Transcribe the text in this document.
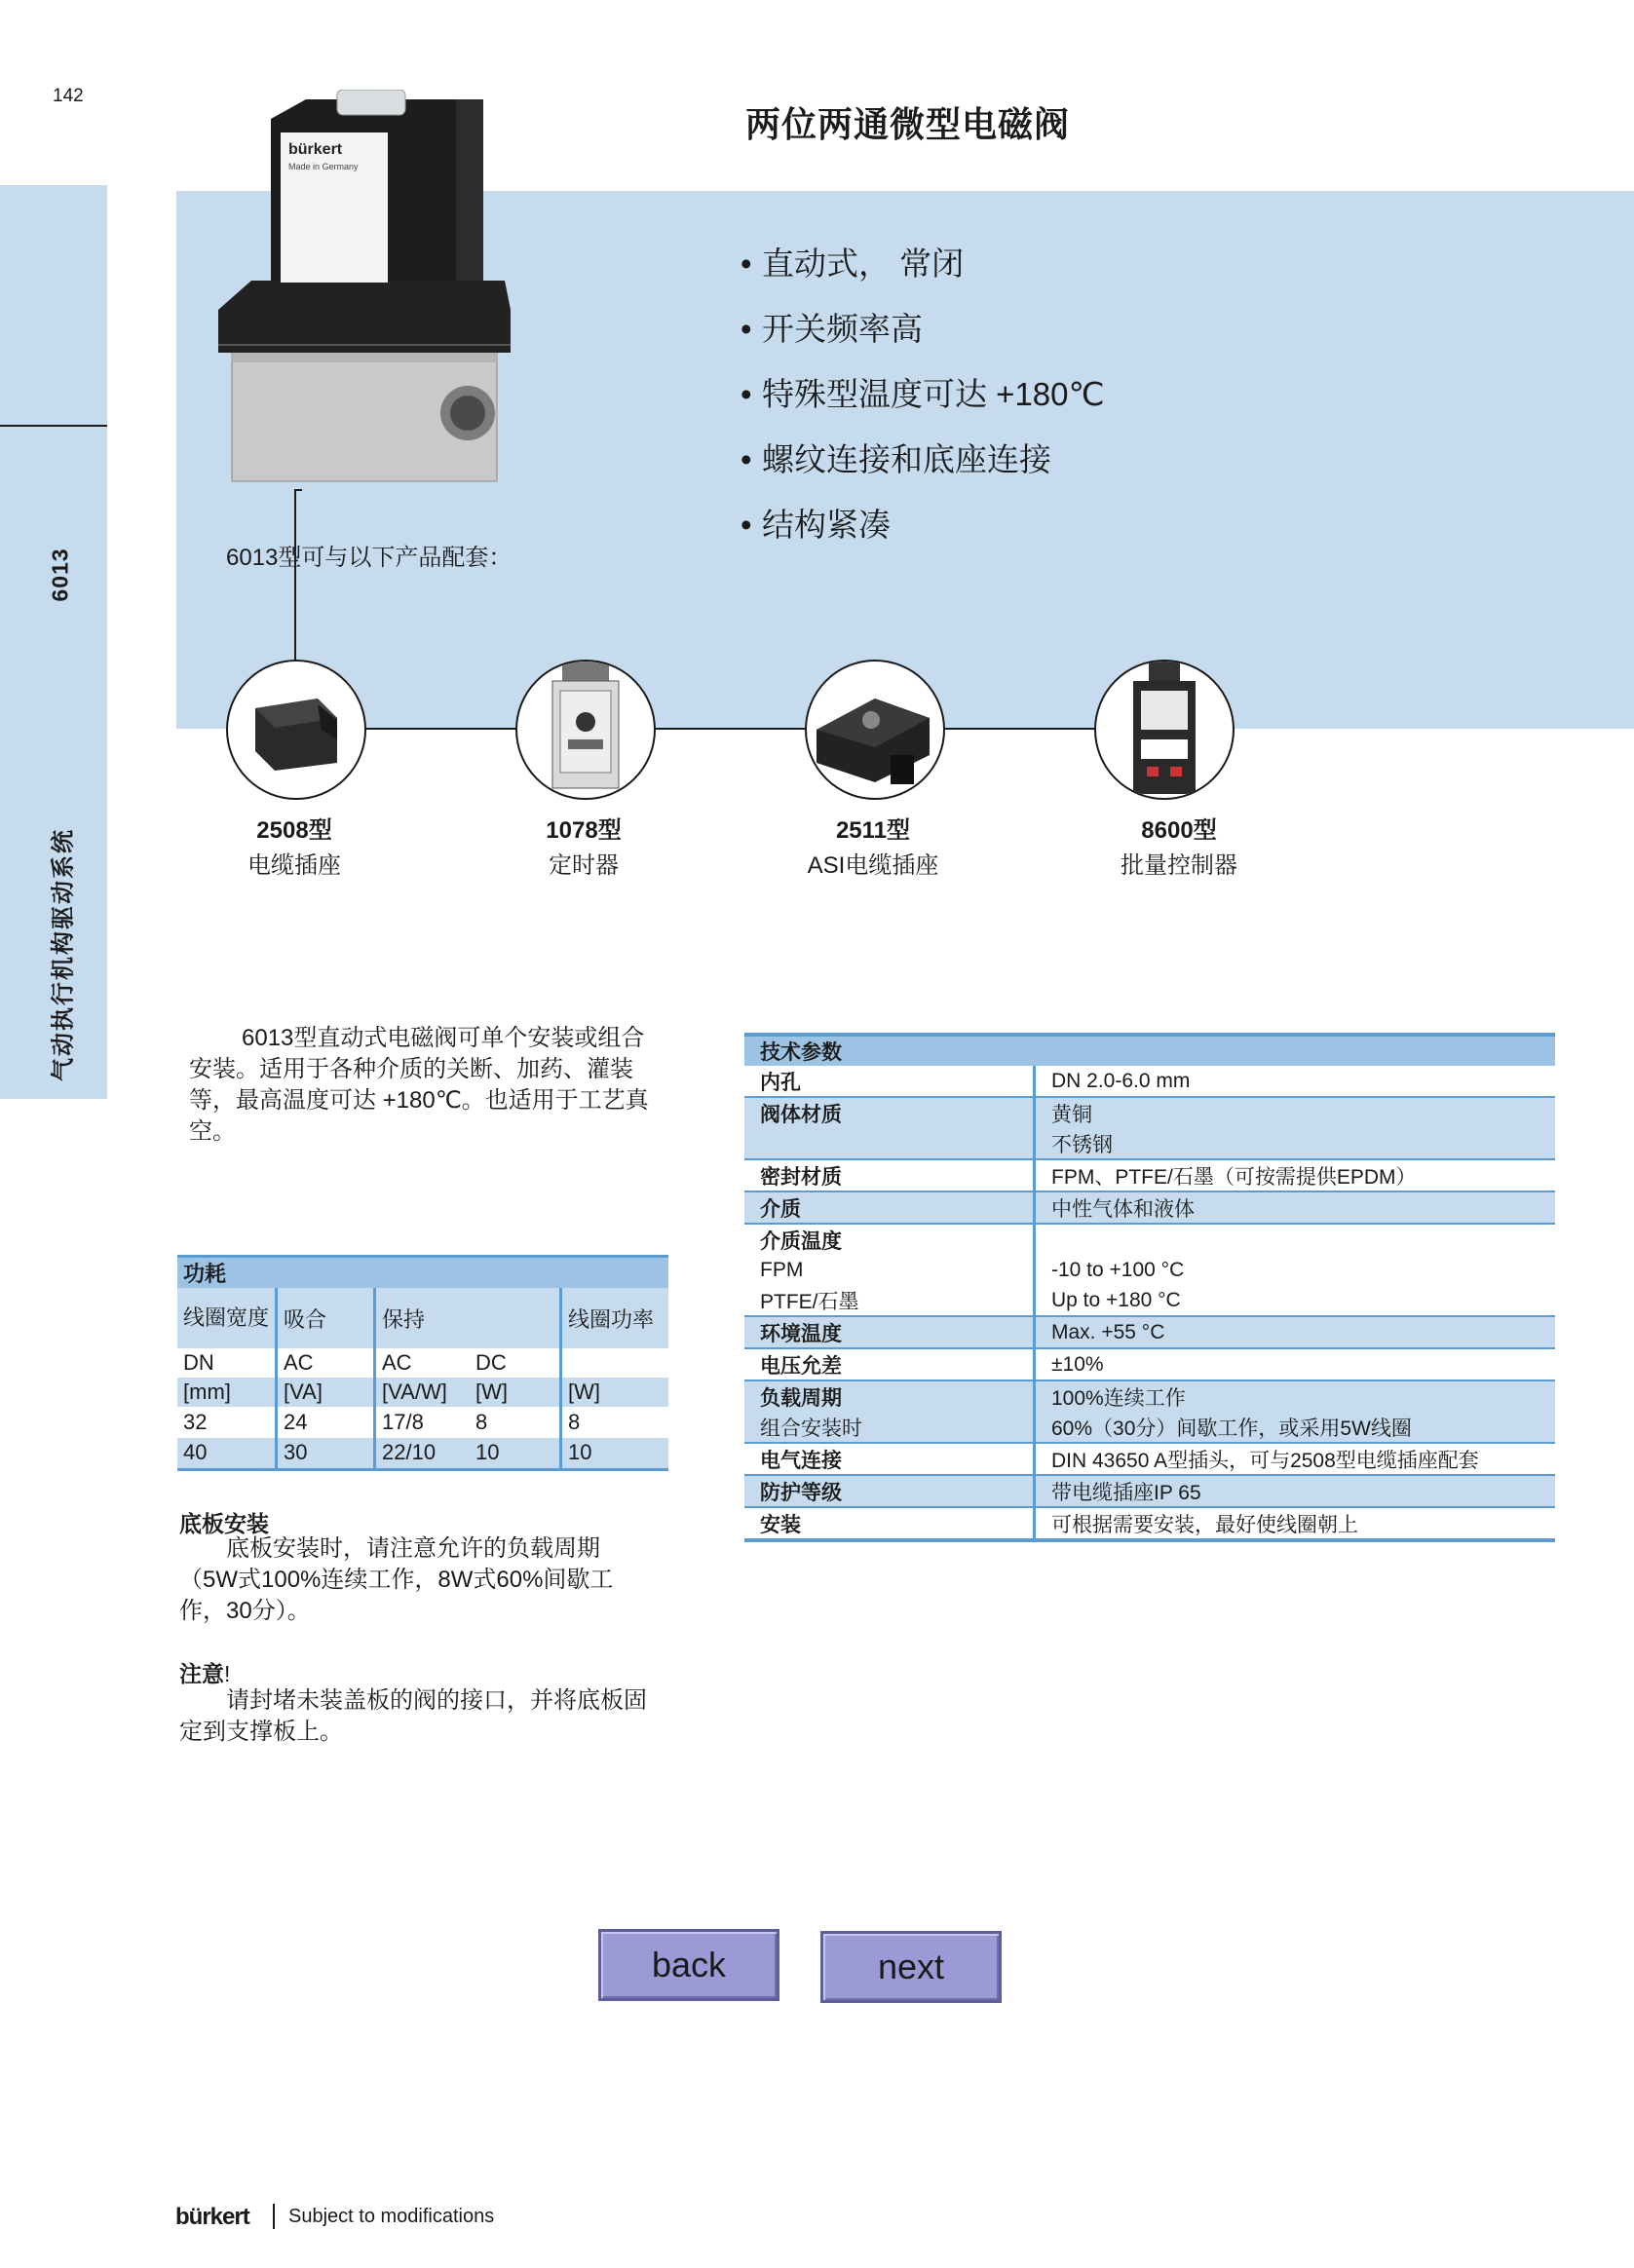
142
6013
气动执行机构驱动系统
两位两通微型电磁阀
bürkert
Made in Germany
• 直动式， 常闭
• 开关频率高
• 特殊型温度可达 +180℃
• 螺纹连接和底座连接
• 结构紧凑
6013型可与以下产品配套：
2508型
电缆插座
1078型
定时器
2511型
ASI电缆插座
8600型
批量控制器
6013型直动式电磁阀可单个安装或组合安装。适用于各种介质的关断、加药、灌装等，最高温度可达 +180℃。也适用于工艺真空。
功耗				
线圈宽度	吸合	保持		线圈功率
DN	AC	AC	DC	
[mm]	[VA]	[VA/W]	[W]	[W]
32	24	17/8	8	8
40	30	22/10	10	10
底板安装
底板安装时，请注意允许的负载周期（5W式100%连续工作，8W式60%间歇工作，30分）。
注意!
请封堵未装盖板的阀的接口，并将底板固定到支撑板上。
技术参数	
内孔	DN 2.0-6.0 mm
阀体材质	黄铜
	不锈钢
密封材质	FPM、PTFE/石墨（可按需提供EPDM）
介质	中性气体和液体
介质温度	
FPM	-10 to +100 °C
PTFE/石墨	Up to +180 °C
环境温度	Max. +55 °C
电压允差	±10%
负载周期	100%连续工作
组合安装时	60%（30分）间歇工作，或采用5W线圈
电气连接	DIN 43650 A型插头，可与2508型电缆插座配套
防护等级	带电缆插座IP 65
安装	可根据需要安装，最好使线圈朝上
back	next
bürkert Subject to modifications
